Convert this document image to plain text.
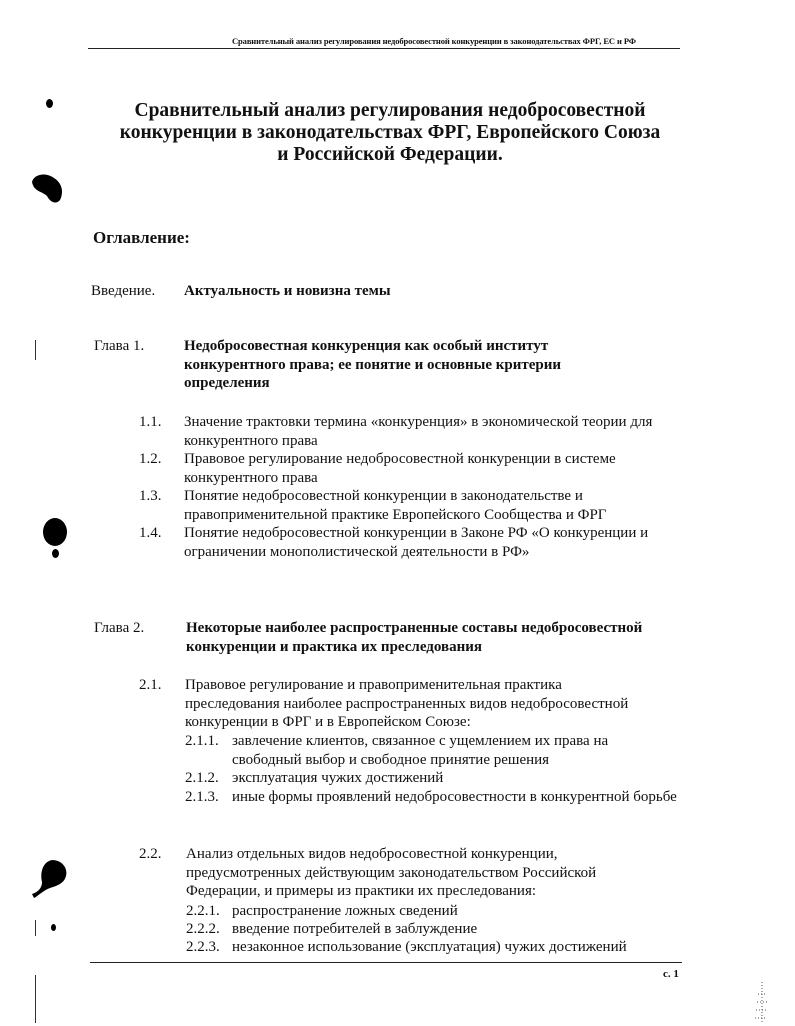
Сравнительный анализ регулирования недобросовестной конкуренции в законодательствах ФРГ, ЕС и РФ
Сравнительный анализ регулирования недобросовестной
конкуренции в законодательствах ФРГ, Европейского Союза
и Российской Федерации.
Оглавление:
Введение. Актуальность и новизна темы
Глава 1.	Недобросовестная конкуренция как особый институт конкурентного права; ее понятие и основные критерии определения
1.1. Значение трактовки термина «конкуренция» в экономической теории для конкурентного права
1.2. Правовое регулирование недобросовестной конкуренции в системе конкурентного права
1.3. Понятие недобросовестной конкуренции в законодательстве и правоприменительной практике Европейского Сообщества и ФРГ
1.4. Понятие недобросовестной конкуренции в Законе РФ «О конкуренции и ограничении монополистической деятельности в РФ»
Глава 2.	Некоторые наиболее распространенные составы недобросовестной конкуренции и практика их преследования
2.1. Правовое регулирование и правоприменительная практика преследования наиболее распространенных видов недобросовестной конкуренции в ФРГ и в Европейском Союзе:
2.1.1. завлечение клиентов, связанное с ущемлением их права на свободный выбор и свободное принятие решения
2.1.2. эксплуатация чужих достижений
2.1.3. иные формы проявлений недобросовестности в конкурентной борьбе
2.2. Анализ отдельных видов недобросовестной конкуренции, предусмотренных действующим законодательством Российской Федерации, и примеры из практики их преследования:
2.2.1. распространение ложных сведений
2.2.2. введение потребителей в заблуждение
2.2.3. незаконное использование (эксплуатация) чужих достижений
с. 1
